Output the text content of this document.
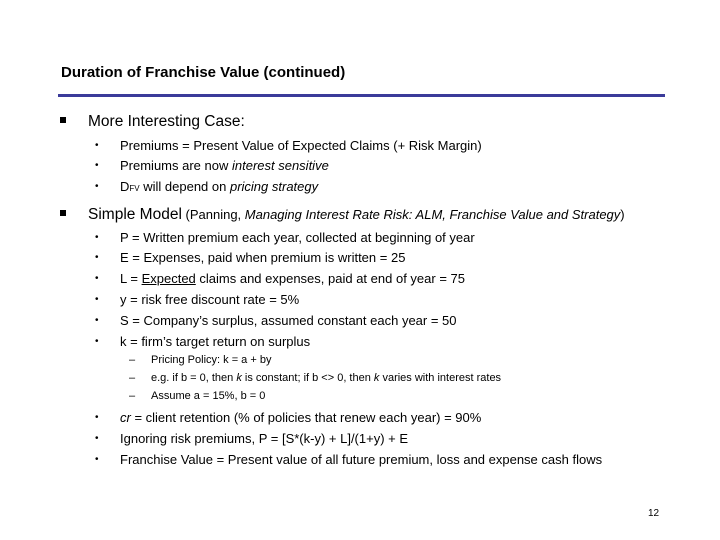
Duration of Franchise Value (continued)
More Interesting Case:
• Premiums = Present Value of Expected Claims (+ Risk Margin)
• Premiums are now interest sensitive
• DFV will depend on pricing strategy
Simple Model (Panning, Managing Interest Rate Risk: ALM, Franchise Value and Strategy)
• P = Written premium each year, collected at beginning of year
• E = Expenses, paid when premium is written = 25
• L = Expected claims and expenses, paid at end of year = 75
• y = risk free discount rate = 5%
• S = Company’s surplus, assumed constant each year = 50
• k = firm’s target return on surplus
– Pricing Policy: k = a + by
– e.g. if b = 0, then k is constant; if b <> 0, then k varies with interest rates
– Assume a = 15%, b = 0
• cr = client retention (% of policies that renew each year) = 90%
• Ignoring risk premiums, P = [S*(k-y) + L]/(1+y) + E
• Franchise Value = Present value of all future premium, loss and expense cash flows
12
